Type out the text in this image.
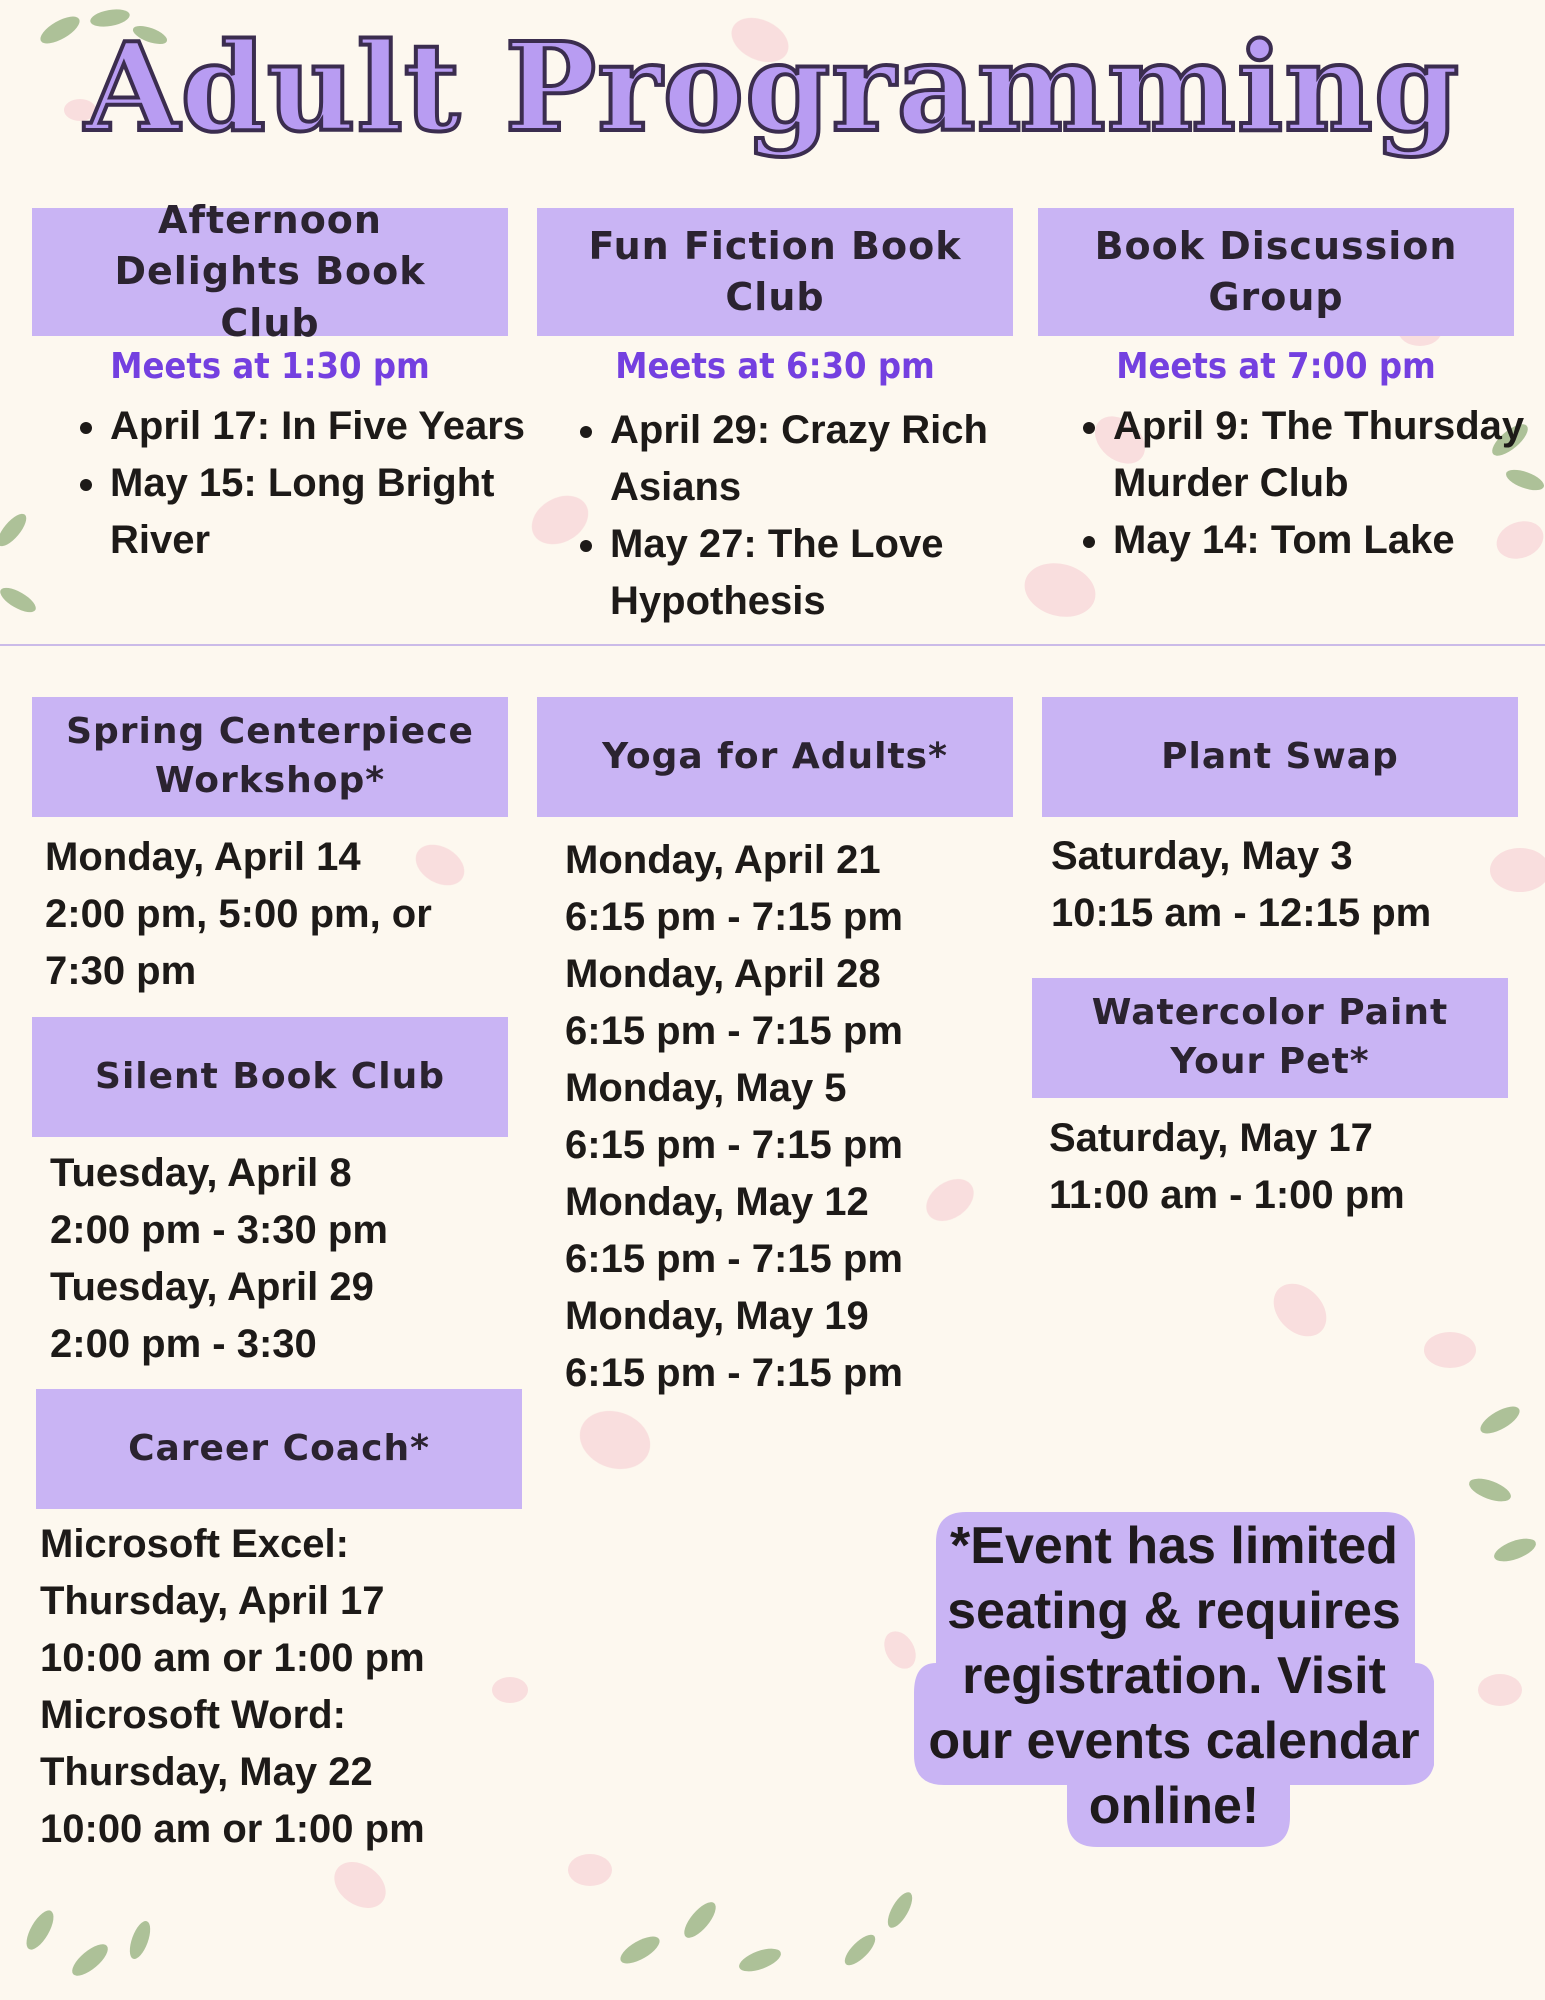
Adult Programming
Afternoon Delights Book Club
Meets at 1:30 pm
• April 17: In Five Years
• May 15: Long Bright River
Fun Fiction Book Club
Meets at 6:30 pm
• April 29: Crazy Rich Asians
• May 27: The Love Hypothesis
Book Discussion Group
Meets at 7:00 pm
• April 9: The Thursday Murder Club
• May 14: Tom Lake
Spring Centerpiece Workshop*
Monday, April 14
2:00 pm, 5:00 pm, or
7:30 pm
Silent Book Club
Tuesday, April 8
2:00 pm - 3:30 pm
Tuesday, April 29
2:00 pm - 3:30
Career Coach*
Microsoft Excel:
Thursday, April 17
10:00 am or 1:00 pm
Microsoft Word:
Thursday, May 22
10:00 am or 1:00 pm
Yoga for Adults*
Monday, April 21
6:15 pm - 7:15 pm
Monday, April 28
6:15 pm - 7:15 pm
Monday, May 5
6:15 pm - 7:15 pm
Monday, May 12
6:15 pm - 7:15 pm
Monday, May 19
6:15 pm - 7:15 pm
Plant Swap
Saturday, May 3
10:15 am - 12:15 pm
Watercolor Paint Your Pet*
Saturday, May 17
11:00 am - 1:00 pm
*Event has limited
seating & requires
registration. Visit
our events calendar
online!
